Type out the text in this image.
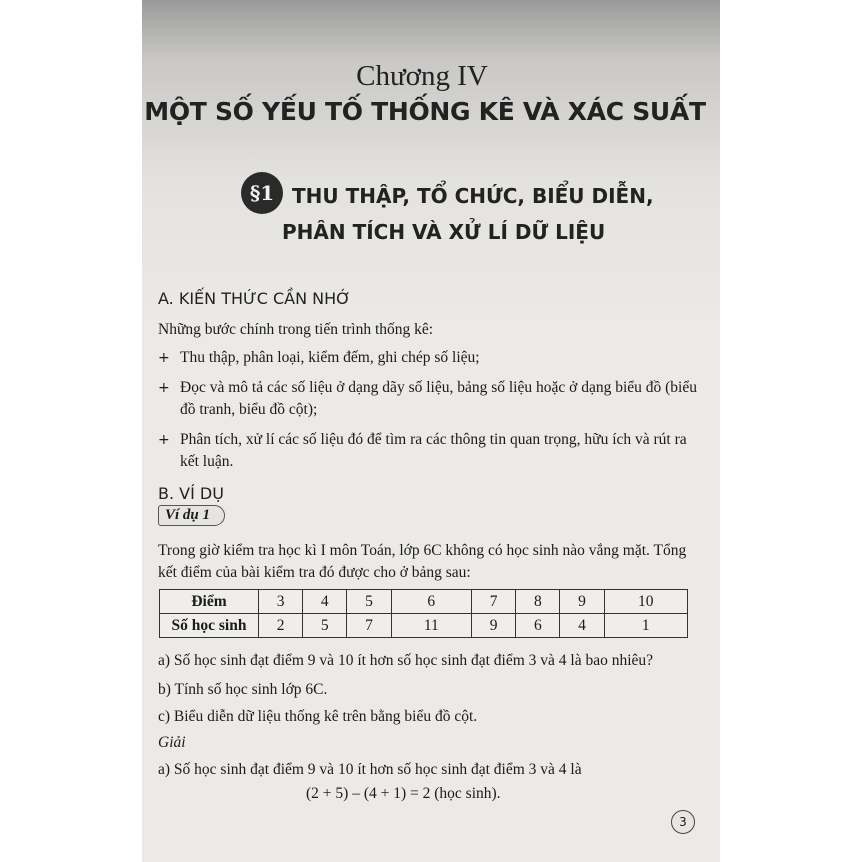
Chương IV
MỘT SỐ YẾU TỐ THỐNG KÊ VÀ XÁC SUẤT
§1 THU THẬP, TỔ CHỨC, BIỂU DIỄN,
PHÂN TÍCH VÀ XỬ LÍ DỮ LIỆU
A. KIẾN THỨC CẦN NHỚ
Những bước chính trong tiến trình thống kê:
+ Thu thập, phân loại, kiểm đếm, ghi chép số liệu;
+ Đọc và mô tả các số liệu ở dạng dãy số liệu, bảng số liệu hoặc ở dạng biểu đồ (biểu đồ tranh, biểu đồ cột);
+ Phân tích, xử lí các số liệu đó để tìm ra các thông tin quan trọng, hữu ích và rút ra kết luận.
B. VÍ DỤ
Ví dụ 1
Trong giờ kiểm tra học kì I môn Toán, lớp 6C không có học sinh nào vắng mặt. Tổng kết điểm của bài kiểm tra đó được cho ở bảng sau:
Điểm	3	4	5	6	7	8	9	10
Số học sinh	2	5	7	11	9	6	4	1
a) Số học sinh đạt điểm 9 và 10 ít hơn số học sinh đạt điểm 3 và 4 là bao nhiêu?
b) Tính số học sinh lớp 6C.
c) Biểu diễn dữ liệu thống kê trên bằng biểu đồ cột.
Giải
a) Số học sinh đạt điểm 9 và 10 ít hơn số học sinh đạt điểm 3 và 4 là
(2 + 5) – (4 + 1) = 2 (học sinh).
3
